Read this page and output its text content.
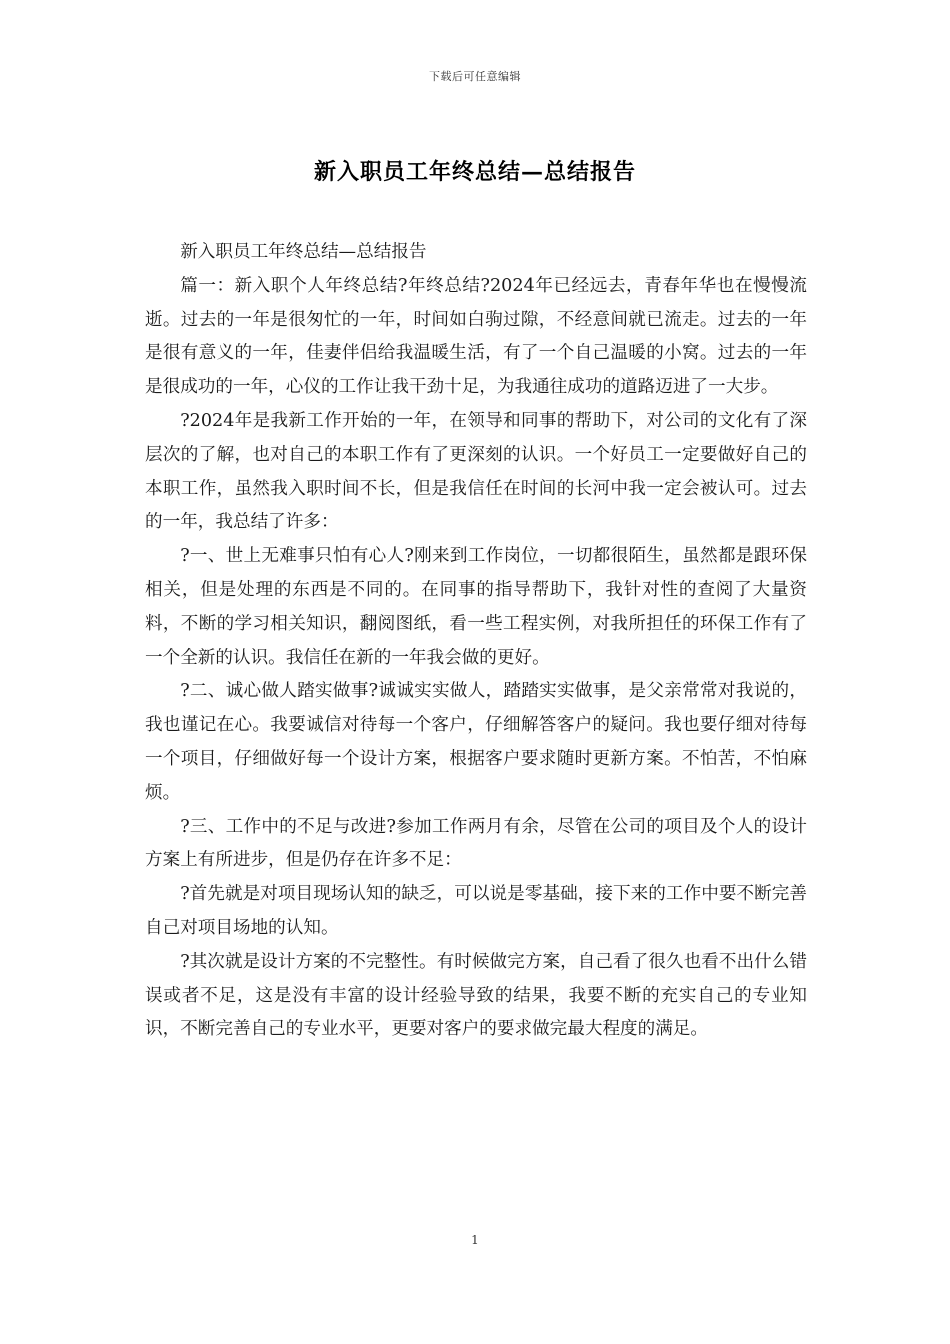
下载后可任意编辑
新入职员工年终总结—总结报告

新入职员工年终总结—总结报告

篇一：新入职个人年终总结?年终总结?2024年已经远去，青春年华也在慢慢流逝。过去的一年是很匆忙的一年，时间如白驹过隙，不经意间就已流走。过去的一年是很有意义的一年，佳妻伴侣给我温暖生活，有了一个自己温暖的小窝。过去的一年是很成功的一年，心仪的工作让我干劲十足，为我通往成功的道路迈进了一大步。

?2024年是我新工作开始的一年，在领导和同事的帮助下，对公司的文化有了深层次的了解，也对自己的本职工作有了更深刻的认识。一个好员工一定要做好自己的本职工作，虽然我入职时间不长，但是我信任在时间的长河中我一定会被认可。过去的一年，我总结了许多：

?一、世上无难事只怕有心人?刚来到工作岗位，一切都很陌生，虽然都是跟环保相关，但是处理的东西是不同的。在同事的指导帮助下，我针对性的查阅了大量资料，不断的学习相关知识，翻阅图纸，看一些工程实例，对我所担任的环保工作有了一个全新的认识。我信任在新的一年我会做的更好。

?二、诚心做人踏实做事?诚诚实实做人，踏踏实实做事，是父亲常常对我说的，我也谨记在心。我要诚信对待每一个客户，仔细解答客户的疑问。我也要仔细对待每一个项目，仔细做好每一个设计方案，根据客户要求随时更新方案。不怕苦，不怕麻烦。

?三、工作中的不足与改进?参加工作两月有余，尽管在公司的项目及个人的设计方案上有所进步，但是仍存在许多不足：

?首先就是对项目现场认知的缺乏，可以说是零基础，接下来的工作中要不断完善自己对项目场地的认知。

?其次就是设计方案的不完整性。有时候做完方案，自己看了很久也看不出什么错误或者不足，这是没有丰富的设计经验导致的结果，我要不断的充实自己的专业知识，不断完善自己的专业水平，更要对客户的要求做完最大程度的满足。

1
